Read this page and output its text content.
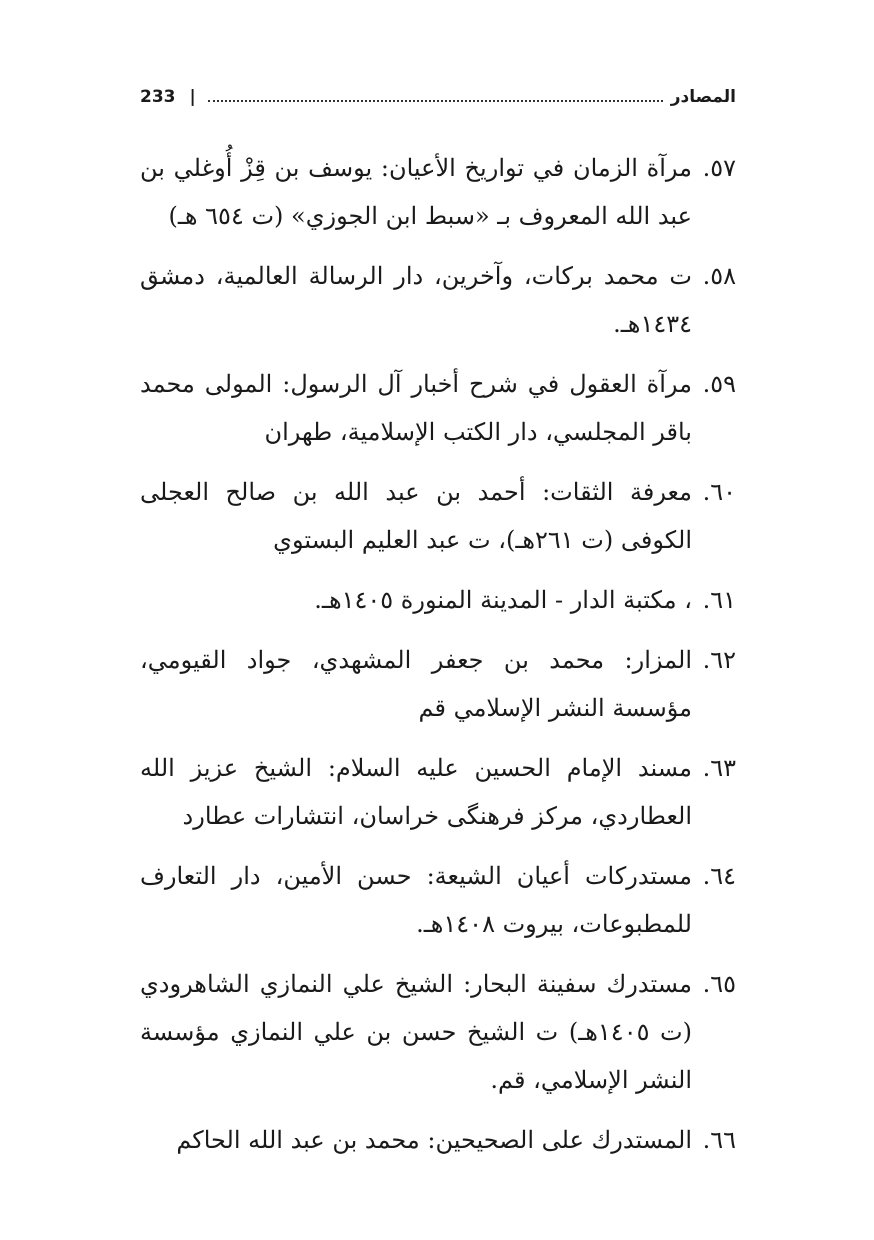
233 |	المصادر
٥٧.
مرآة الزمان في تواريخ الأعيان: يوسف بن قِزْ أُوغلي بن عبد الله المعروف بـ «سبط ابن الجوزي» (ت ٦٥٤ هـ)
٥٨.
ت محمد بركات، وآخرين، دار الرسالة العالمية، دمشق ١٤٣٤هـ.
٥٩.
مرآة العقول في شرح أخبار آل الرسول: المولى محمد باقر المجلسي، دار الكتب الإسلامية، طهران
٦٠.
معرفة الثقات: أحمد بن عبد الله بن صالح العجلى الكوفى (ت ٢٦١هـ)، ت عبد العليم البستوي
٦١.
، مكتبة الدار - المدينة المنورة ١٤٠٥هـ.
٦٢.
المزار: محمد بن جعفر المشهدي، جواد القيومي، مؤسسة النشر الإسلامي قم
٦٣.
مسند الإمام الحسين عليه السلام: الشيخ عزيز الله العطاردي، مركز فرهنگی خراسان، انتشارات عطارد
٦٤.
مستدركات أعيان الشيعة: حسن الأمين، دار التعارف للمطبوعات، بيروت ١٤٠٨هـ.
٦٥.
مستدرك سفينة البحار: الشيخ علي النمازي الشاهرودي (ت ١٤٠٥هـ) ت الشيخ حسن بن علي النمازي مؤسسة النشر الإسلامي، قم.
٦٦.
المستدرك على الصحيحين: محمد بن عبد الله الحاكم
